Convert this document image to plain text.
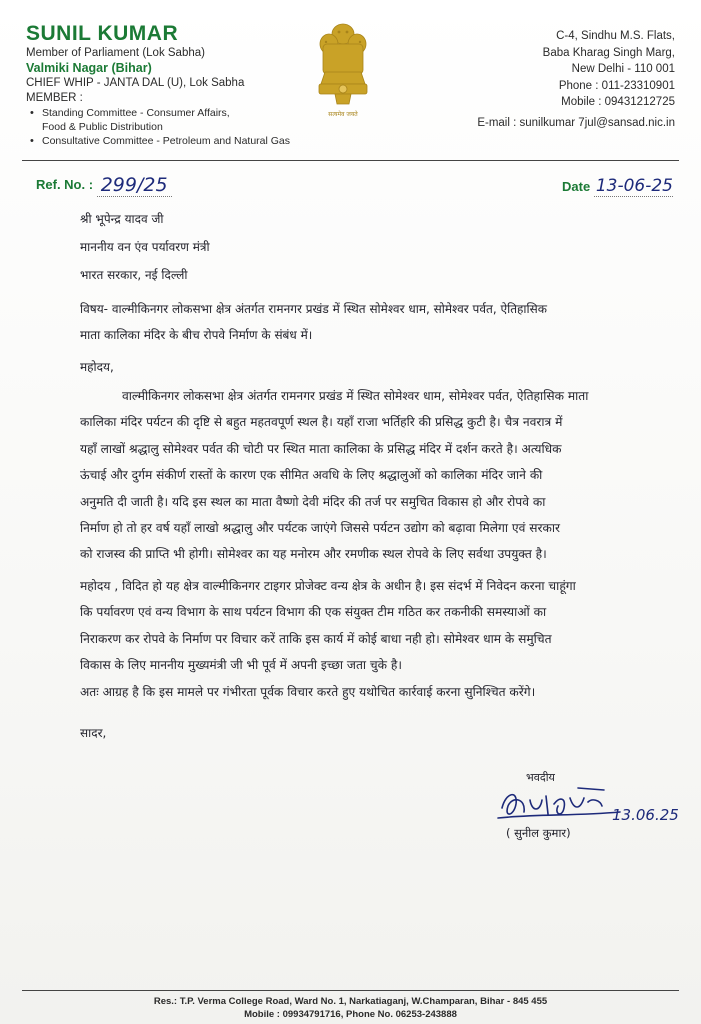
SUNIL KUMAR
Member of Parliament (Lok Sabha)
Valmiki Nagar (Bihar)
CHIEF WHIP - JANTA DAL (U), Lok Sabha
MEMBER :
• Standing Committee - Consumer Affairs,
Food & Public Distribution
• Consultative Committee - Petroleum and Natural Gas
सत्यमेव जयते
C-4, Sindhu M.S. Flats,
Baba Kharag Singh Marg,
New Delhi - 110 001
Phone : 011-23310901
Mobile : 09431212725
E-mail : sunilkumar 7jul@sansad.nic.in
Ref. No. : 299/25	Date 13-06-25
श्री भूपेन्द्र यादव जी
माननीय वन एंव पर्यावरण मंत्री
भारत सरकार, नई दिल्ली
विषय- वाल्मीकिनगर लोकसभा क्षेत्र अंतर्गत रामनगर प्रखंड में स्थित सोमेश्वर धाम, सोमेश्वर पर्वत, ऐतिहासिक
माता कालिका मंदिर के बीच रोपवे निर्माण के संबंध में।
महोदय,
वाल्मीकिनगर लोकसभा क्षेत्र अंतर्गत रामनगर प्रखंड में स्थित सोमेश्वर धाम, सोमेश्वर पर्वत, ऐतिहासिक माता
कालिका मंदिर पर्यटन की दृष्टि से बहुत महतवपूर्ण स्थल है। यहाँ राजा भर्तिहरि की प्रसिद्ध कुटी है। चैत्र नवरात्र में
यहाँ लाखों श्रद्धालु सोमेश्वर पर्वत की चोटी पर स्थित माता कालिका के प्रसिद्ध मंदिर में दर्शन करते है। अत्यधिक
ऊंचाई और दुर्गम संकीर्ण रास्तों के कारण एक सीमित अवधि के लिए श्रद्धालुओं को कालिका मंदिर जाने की
अनुमति दी जाती है। यदि इस स्थल का माता वैष्णो देवी मंदिर की तर्ज पर समुचित विकास हो और रोपवे का
निर्माण हो तो हर वर्ष यहाँ लाखो श्रद्धालु और पर्यटक जाएंगे जिससे पर्यटन उद्योग को बढ़ावा मिलेगा एवं सरकार
को राजस्व की प्राप्ति भी होगी। सोमेश्वर का यह मनोरम और रमणीक स्थल रोपवे के लिए सर्वथा उपयुक्त है।
महोदय , विदित हो यह क्षेत्र वाल्मीकिनगर टाइगर प्रोजेक्ट वन्य क्षेत्र के अधीन है। इस संदर्भ में निवेदन करना चाहूंगा
कि पर्यावरण एवं वन्य विभाग के साथ पर्यटन विभाग की एक संयुक्त टीम गठित कर तकनीकी समस्याओं का
निराकरण कर रोपवे के निर्माण पर विचार करें ताकि इस कार्य में कोई बाधा नही हो। सोमेश्वर धाम के समुचित
विकास के लिए माननीय मुख्यमंत्री जी भी पूर्व में अपनी इच्छा जता चुके है।
अतः आग्रह है कि इस मामले पर गंभीरता पूर्वक विचार करते हुए यथोचित कार्रवाई करना सुनिश्चित करेंगे।
सादर,
भवदीय
13.06.25
( सुनील कुमार)
Res.: T.P. Verma College Road, Ward No. 1, Narkatiaganj, W.Champaran, Bihar - 845 455
Mobile : 09934791716, Phone No. 06253-243888
